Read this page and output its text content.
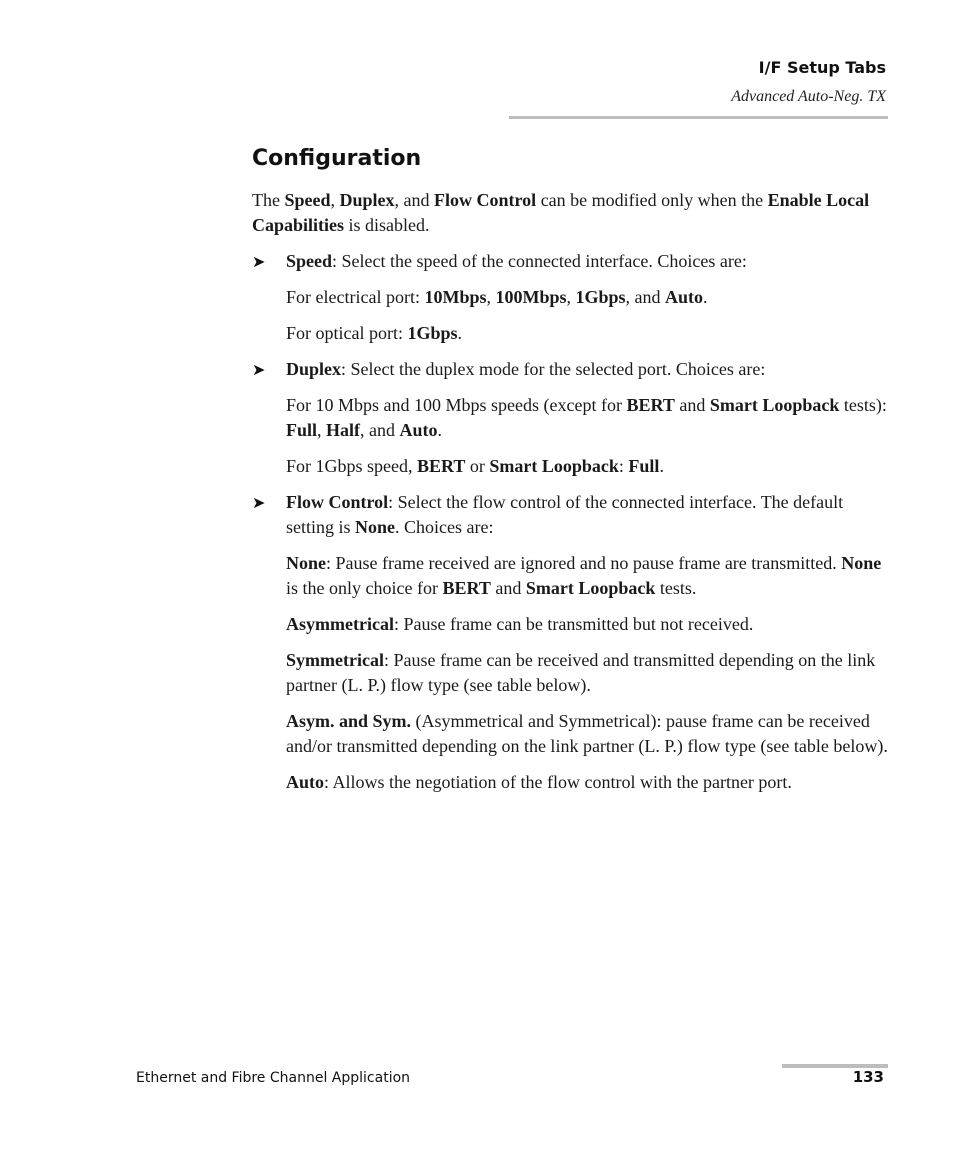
I/F Setup Tabs
Advanced Auto-Neg. TX
Configuration

The Speed, Duplex, and Flow Control can be modified only when the Enable Local Capabilities is disabled.

➤ Speed: Select the speed of the connected interface. Choices are:

For electrical port: 10Mbps, 100Mbps, 1Gbps, and Auto.

For optical port: 1Gbps.

➤ Duplex: Select the duplex mode for the selected port. Choices are:

For 10 Mbps and 100 Mbps speeds (except for BERT and Smart Loopback tests): Full, Half, and Auto.

For 1Gbps speed, BERT or Smart Loopback: Full.

➤ Flow Control: Select the flow control of the connected interface. The default setting is None. Choices are:

None: Pause frame received are ignored and no pause frame are transmitted. None is the only choice for BERT and Smart Loopback tests.

Asymmetrical: Pause frame can be transmitted but not received.

Symmetrical: Pause frame can be received and transmitted depending on the link partner (L. P.) flow type (see table below).

Asym. and Sym. (Asymmetrical and Symmetrical): pause frame can be received and/or transmitted depending on the link partner (L. P.) flow type (see table below).

Auto: Allows the negotiation of the flow control with the partner port.

Ethernet and Fibre Channel Application	133
